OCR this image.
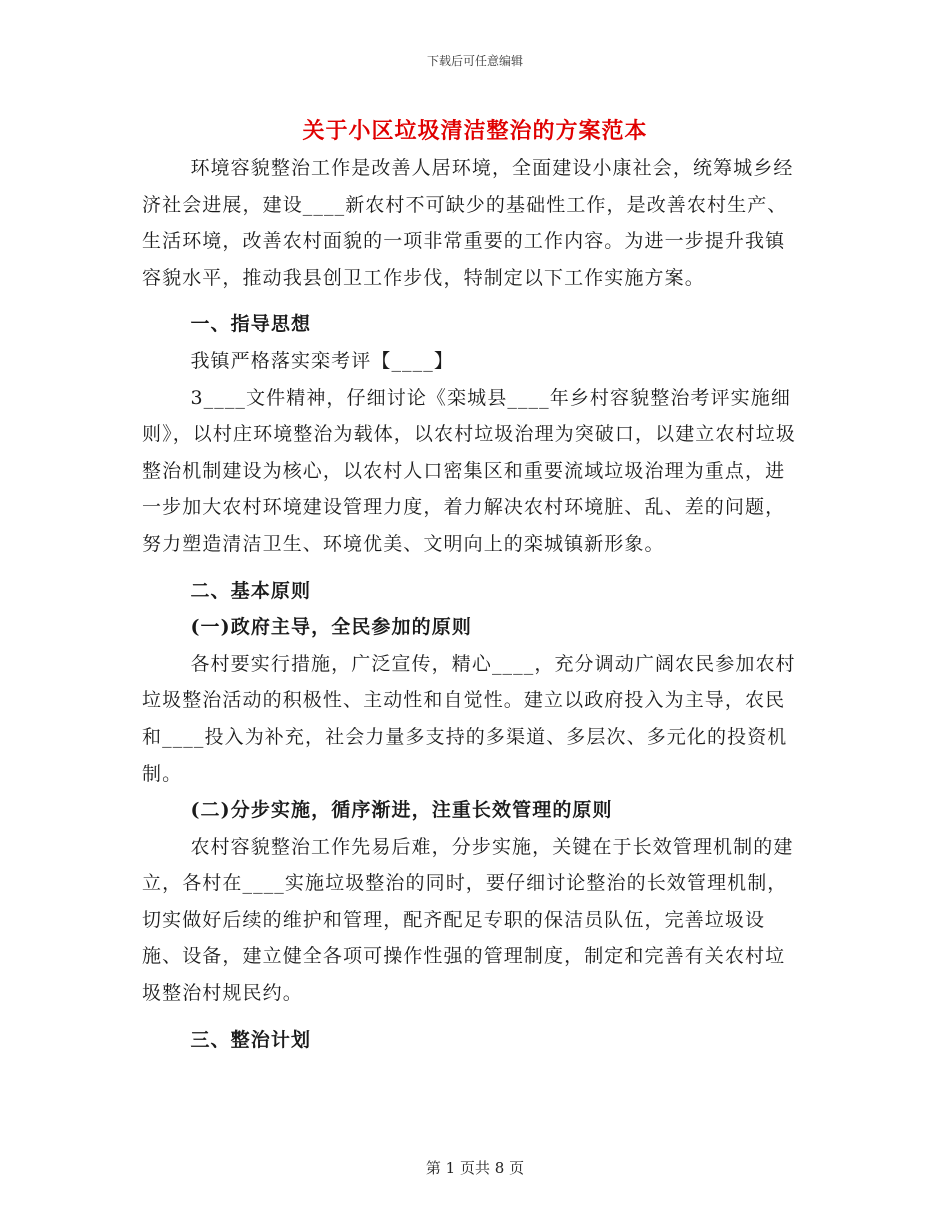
下载后可任意编辑
关于小区垃圾清洁整治的方案范本

环境容貌整治工作是改善人居环境，全面建设小康社会，统筹城乡经济社会进展，建设____新农村不可缺少的基础性工作，是改善农村生产、生活环境，改善农村面貌的一项非常重要的工作内容。为进一步提升我镇容貌水平，推动我县创卫工作步伐，特制定以下工作实施方案。

一、指导思想

我镇严格落实栾考评【____】

3____文件精神，仔细讨论《栾城县____年乡村容貌整治考评实施细则》，以村庄环境整治为载体，以农村垃圾治理为突破口，以建立农村垃圾整治机制建设为核心，以农村人口密集区和重要流域垃圾治理为重点，进一步加大农村环境建设管理力度，着力解决农村环境脏、乱、差的问题，努力塑造清洁卫生、环境优美、文明向上的栾城镇新形象。

二、基本原则

(一)政府主导，全民参加的原则

各村要实行措施，广泛宣传，精心____，充分调动广阔农民参加农村垃圾整治活动的积极性、主动性和自觉性。建立以政府投入为主导，农民和____投入为补充，社会力量多支持的多渠道、多层次、多元化的投资机制。

(二)分步实施，循序渐进，注重长效管理的原则

农村容貌整治工作先易后难，分步实施，关键在于长效管理机制的建立，各村在____实施垃圾整治的同时，要仔细讨论整治的长效管理机制，切实做好后续的维护和管理，配齐配足专职的保洁员队伍，完善垃圾设施、设备，建立健全各项可操作性强的管理制度，制定和完善有关农村垃圾整治村规民约。

三、整治计划

第 1 页共 8 页
